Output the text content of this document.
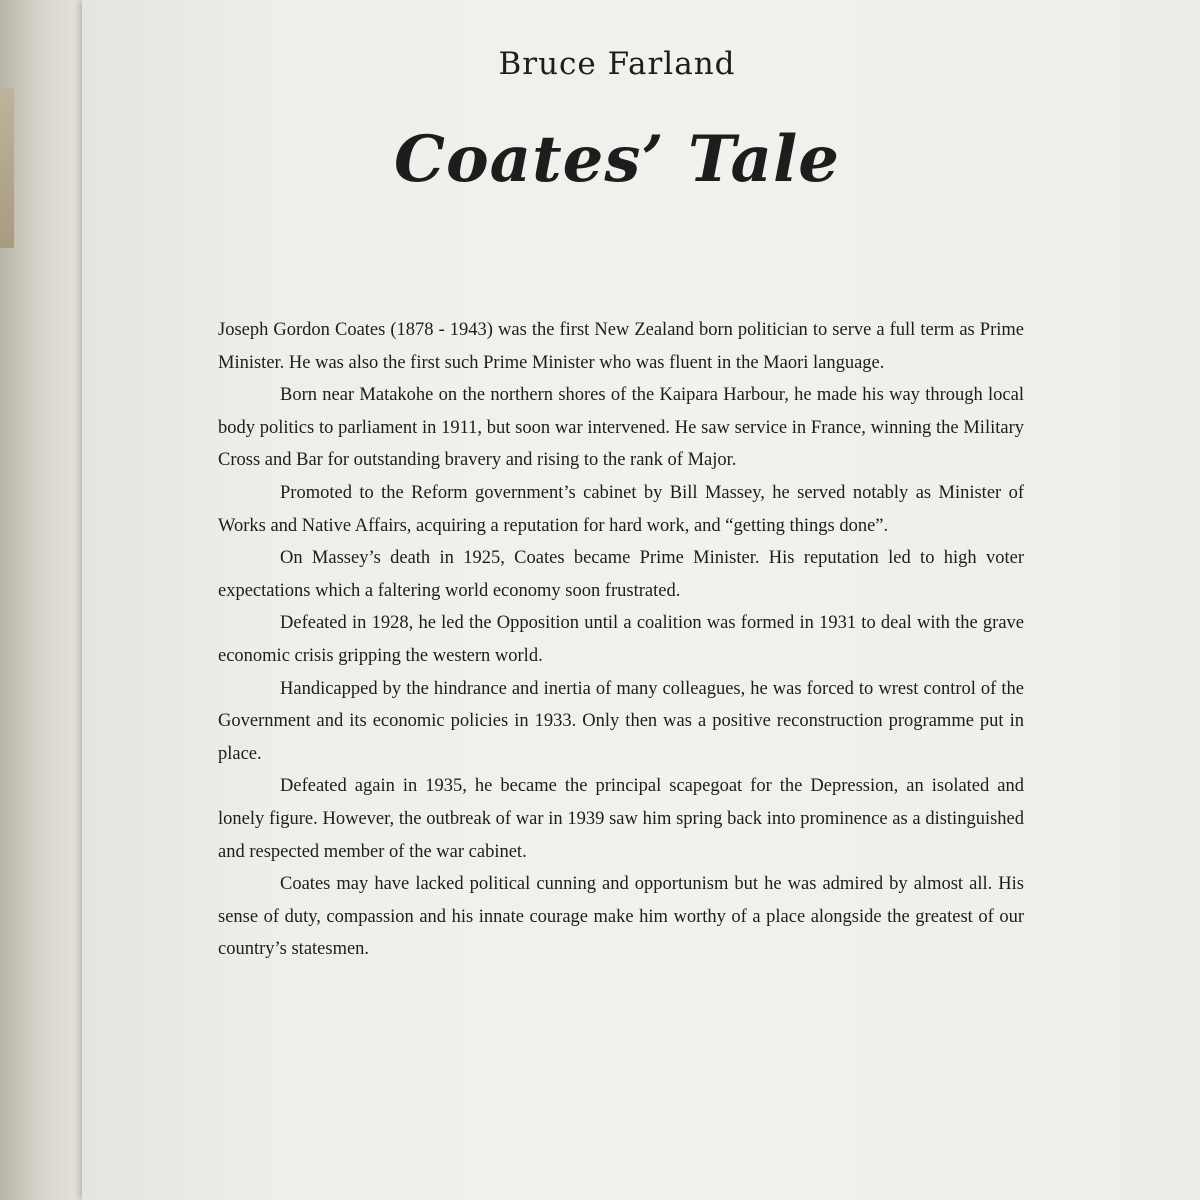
Bruce Farland
Coates’ Tale

Joseph Gordon Coates (1878 - 1943) was the first New Zealand born politician to serve a full term as Prime Minister. He was also the first such Prime Minister who was fluent in the Maori language.

Born near Matakohe on the northern shores of the Kaipara Harbour, he made his way through local body politics to parliament in 1911, but soon war intervened. He saw service in France, winning the Military Cross and Bar for outstanding bravery and rising to the rank of Major.

Promoted to the Reform government’s cabinet by Bill Massey, he served notably as Minister of Works and Native Affairs, acquiring a reputation for hard work, and “getting things done”.

On Massey’s death in 1925, Coates became Prime Minister. His reputation led to high voter expectations which a faltering world economy soon frustrated.

Defeated in 1928, he led the Opposition until a coalition was formed in 1931 to deal with the grave economic crisis gripping the western world.

Handicapped by the hindrance and inertia of many colleagues, he was forced to wrest control of the Government and its economic policies in 1933. Only then was a positive reconstruction programme put in place.

Defeated again in 1935, he became the principal scapegoat for the Depression, an isolated and lonely figure. However, the outbreak of war in 1939 saw him spring back into prominence as a distinguished and respected member of the war cabinet.

Coates may have lacked political cunning and opportunism but he was admired by almost all. His sense of duty, compassion and his innate courage make him worthy of a place alongside the greatest of our country’s statesmen.
